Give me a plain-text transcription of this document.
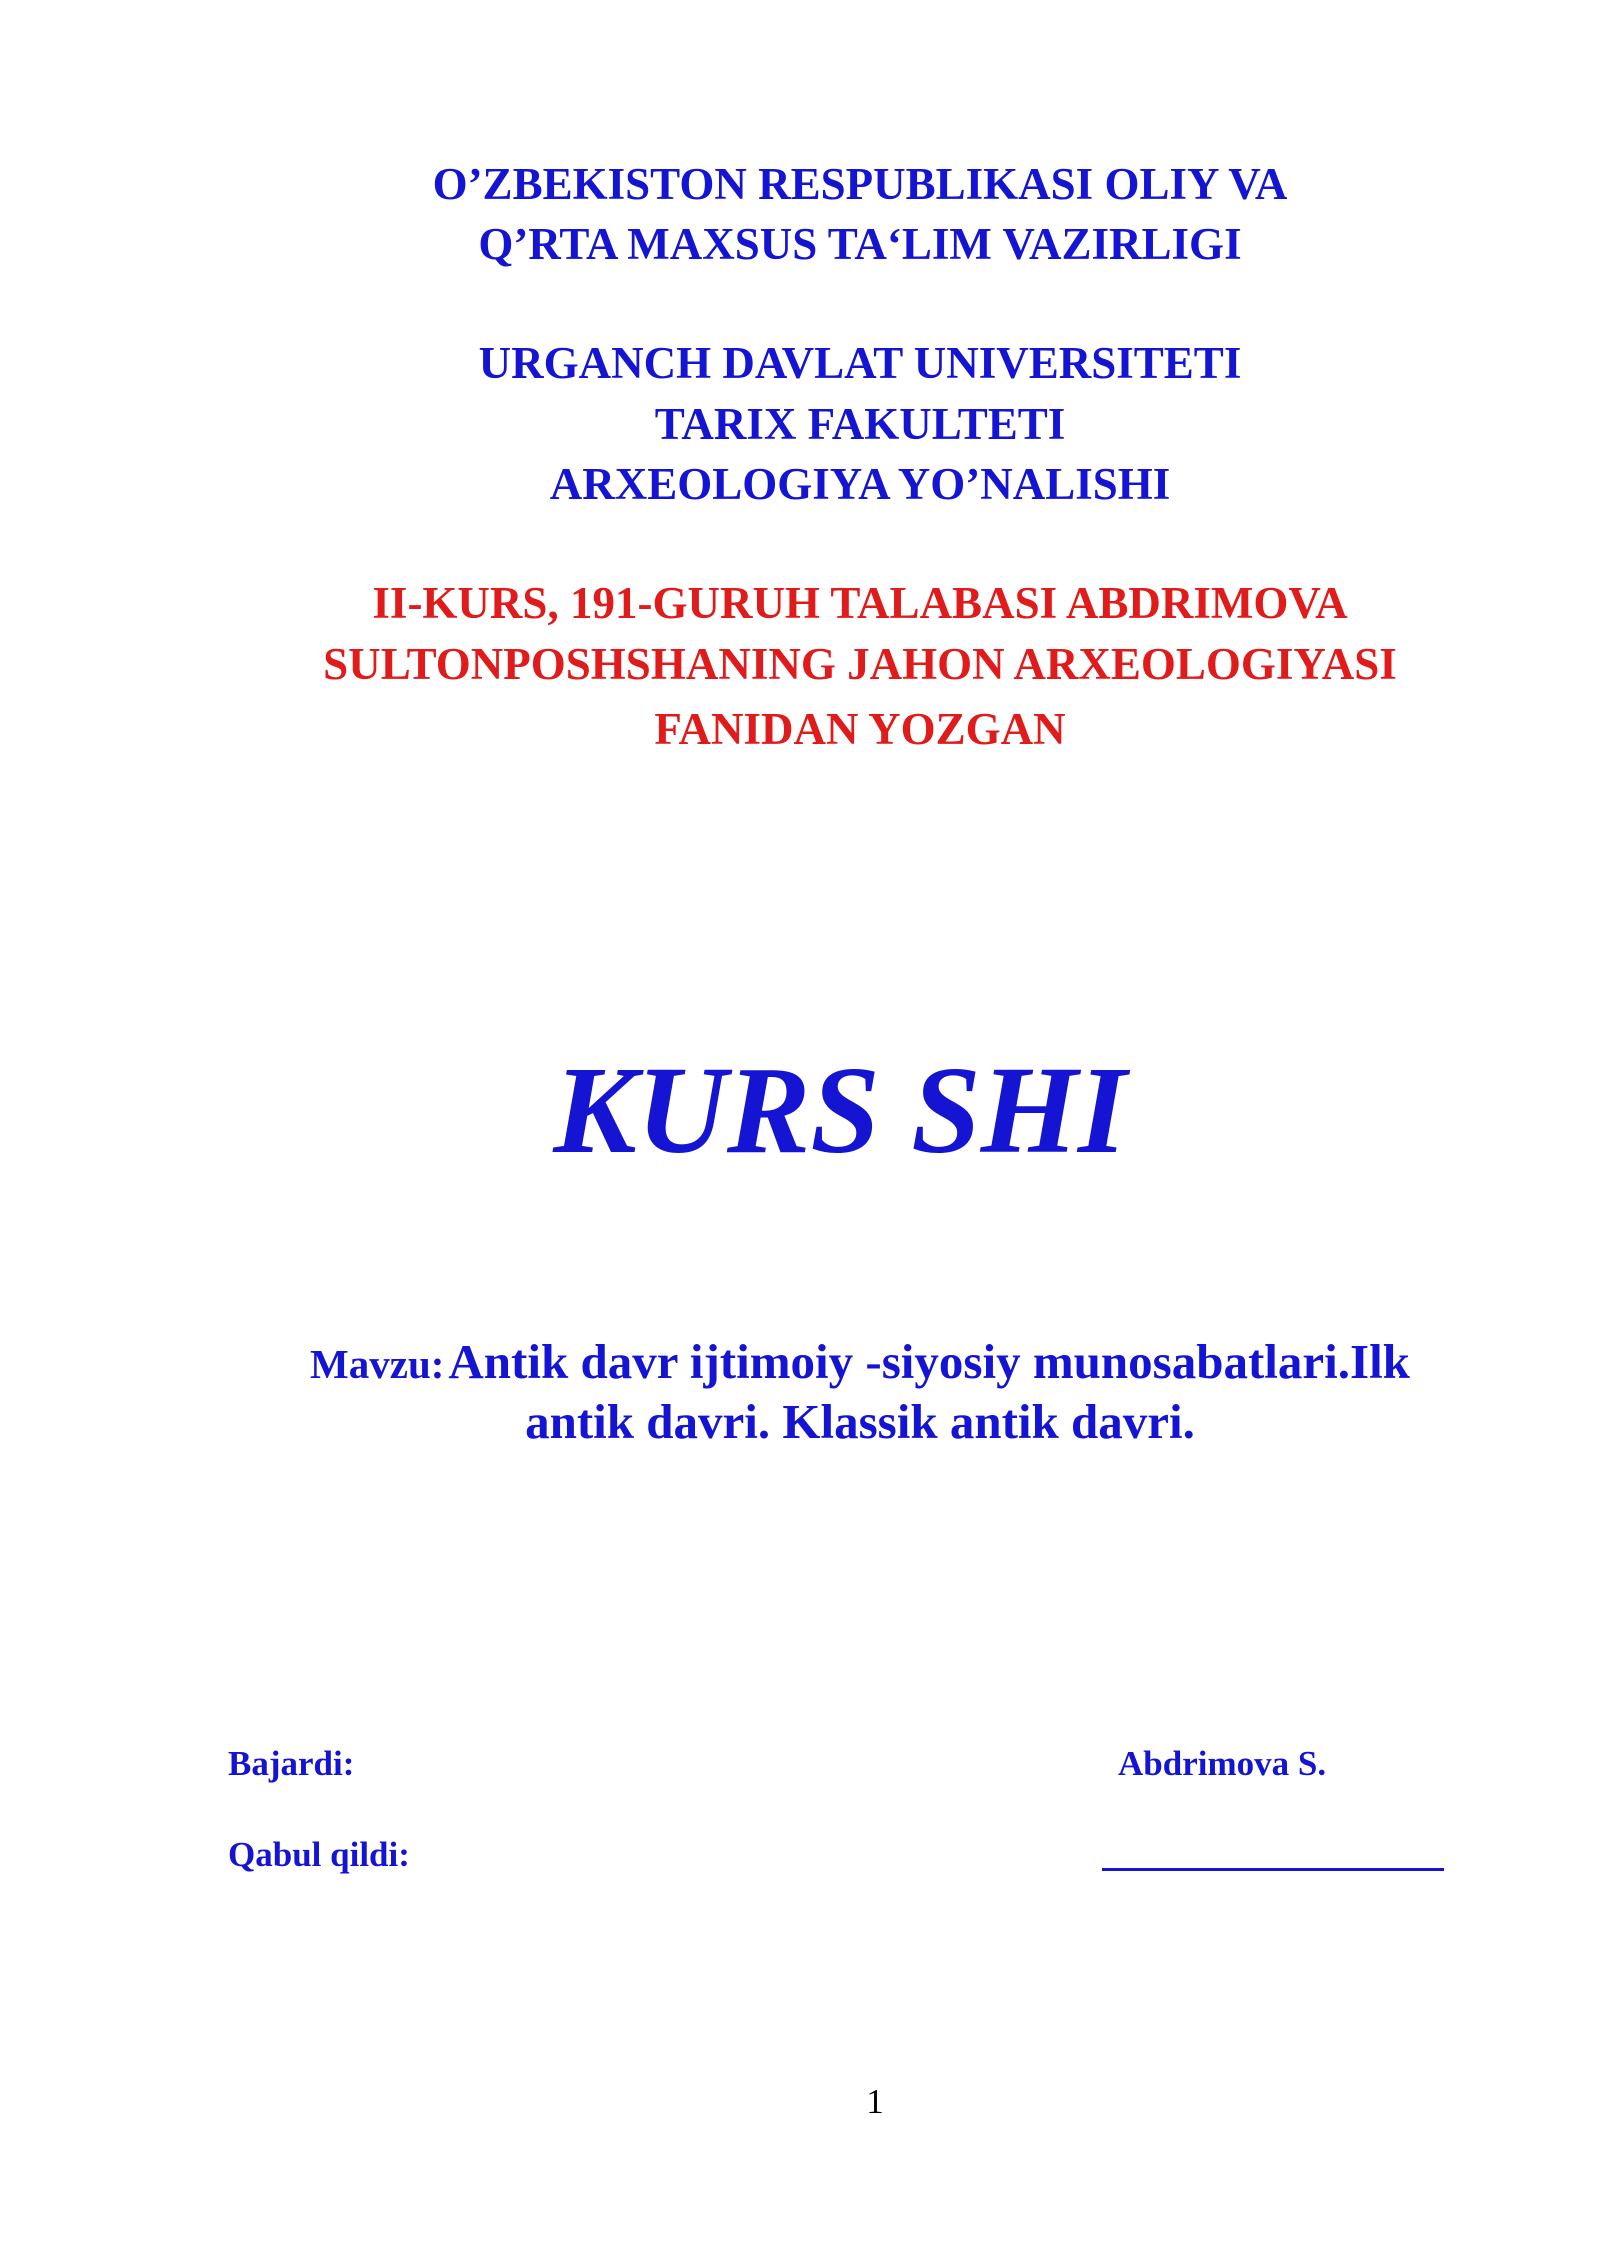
O’ZBEKISTON RESPUBLIKASI OLIY VA
Q’RTA MAXSUS TA‘LIM VAZIRLIGI
URGANCH DAVLAT UNIVERSITETI
TARIX FAKULTETI
ARXEOLOGIYA YO’NALISHI
II-KURS, 191-GURUH TALABASI ABDRIMOVA
SULTONPOSHSHANING JAHON ARXEOLOGIYASI
FANIDAN YOZGAN
KURS SHI
Mavzu: Antik davr ijtimoiy -siyosiy munosabatlari.Ilk
antik davri. Klassik antik davri.
Bajardi:	Abdrimova S.
Qabul qildi:
1
